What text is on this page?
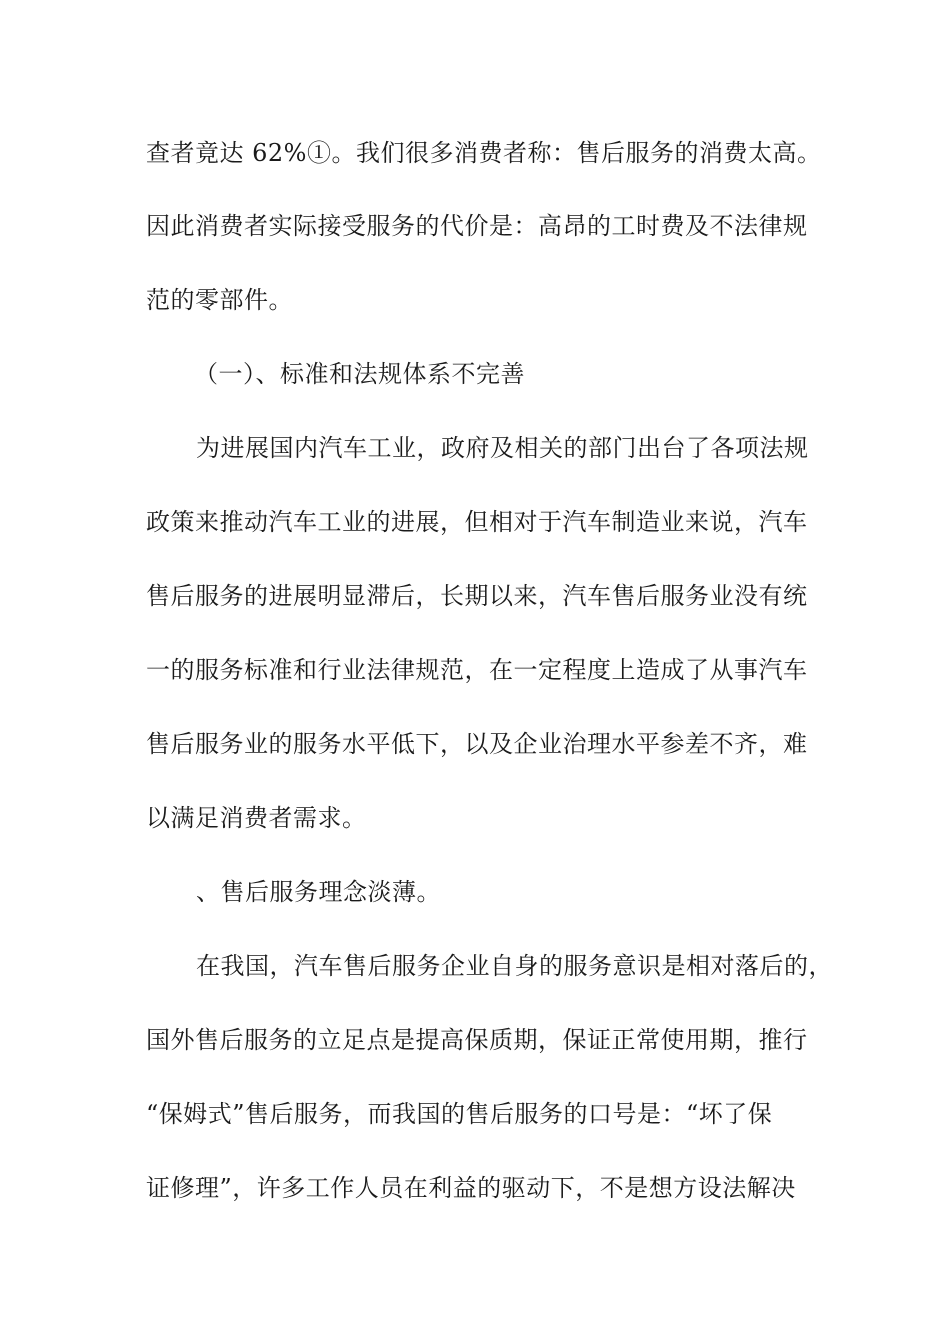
查者竟达 62%①。我们很多消费者称：售后服务的消费太高。
因此消费者实际接受服务的代价是：高昂的工时费及不法律规
范的零部件。
（一）、标准和法规体系不完善
为进展国内汽车工业，政府及相关的部门出台了各项法规
政策来推动汽车工业的进展，但相对于汽车制造业来说，汽车
售后服务的进展明显滞后，长期以来，汽车售后服务业没有统
一的服务标准和行业法律规范，在一定程度上造成了从事汽车
售后服务业的服务水平低下，以及企业治理水平参差不齐，难
以满足消费者需求。
、售后服务理念淡薄。
在我国，汽车售后服务企业自身的服务意识是相对落后的，
国外售后服务的立足点是提高保质期，保证正常使用期，推行
“保姆式”售后服务，而我国的售后服务的口号是：“坏了保
证修理”，许多工作人员在利益的驱动下，不是想方设法解决
